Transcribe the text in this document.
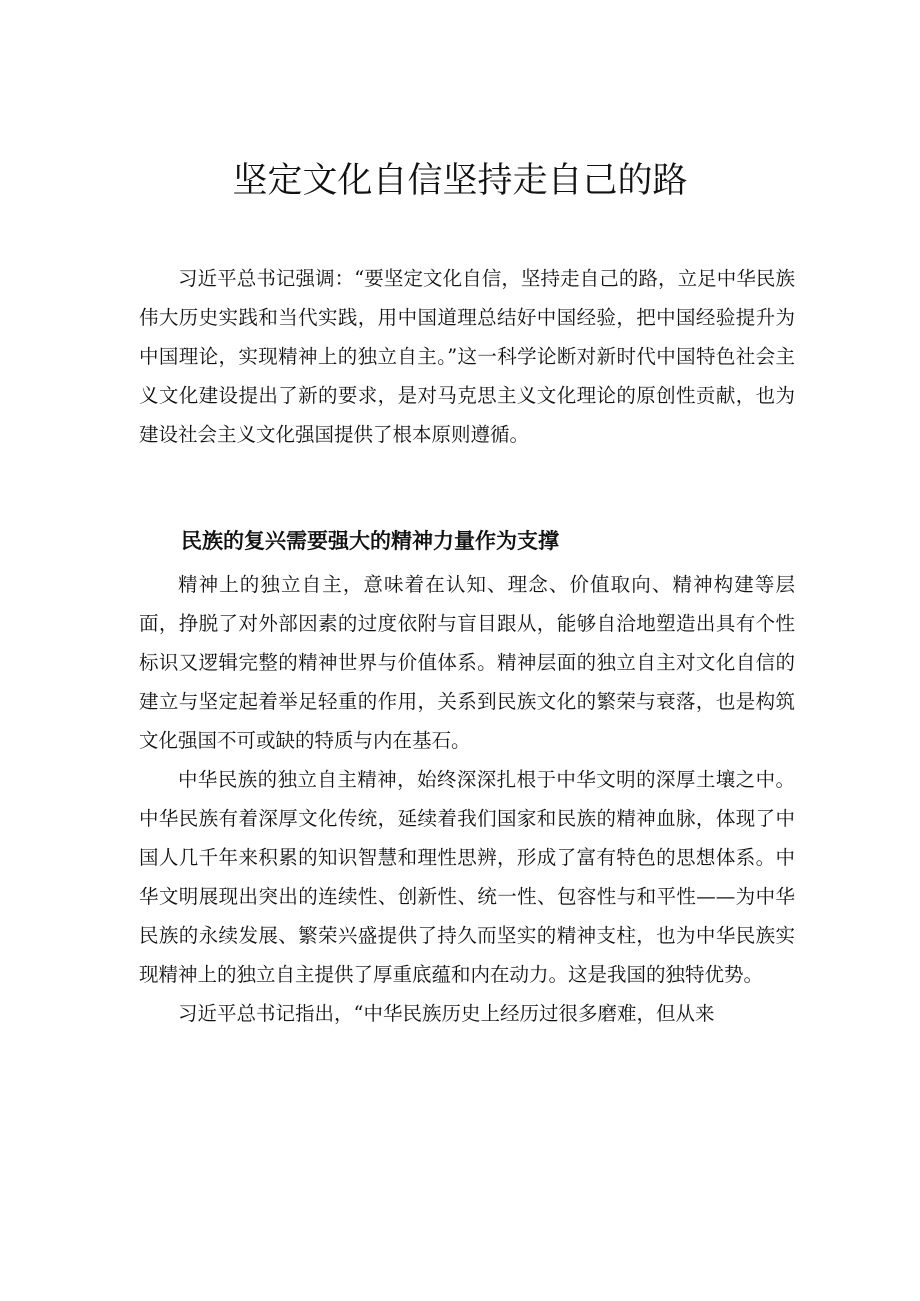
坚定文化自信坚持走自己的路

习近平总书记强调：“要坚定文化自信，坚持走自己的路，立足中华民族伟大历史实践和当代实践，用中国道理总结好中国经验，把中国经验提升为中国理论，实现精神上的独立自主。”这一科学论断对新时代中国特色社会主义文化建设提出了新的要求，是对马克思主义文化理论的原创性贡献，也为建设社会主义文化强国提供了根本原则遵循。

民族的复兴需要强大的精神力量作为支撑

精神上的独立自主，意味着在认知、理念、价值取向、精神构建等层面，挣脱了对外部因素的过度依附与盲目跟从，能够自洽地塑造出具有个性标识又逻辑完整的精神世界与价值体系。精神层面的独立自主对文化自信的建立与坚定起着举足轻重的作用，关系到民族文化的繁荣与衰落，也是构筑文化强国不可或缺的特质与内在基石。

中华民族的独立自主精神，始终深深扎根于中华文明的深厚土壤之中。中华民族有着深厚文化传统，延续着我们国家和民族的精神血脉，体现了中国人几千年来积累的知识智慧和理性思辨，形成了富有特色的思想体系。中华文明展现出突出的连续性、创新性、统一性、包容性与和平性——为中华民族的永续发展、繁荣兴盛提供了持久而坚实的精神支柱，也为中华民族实现精神上的独立自主提供了厚重底蕴和内在动力。这是我国的独特优势。

习近平总书记指出，“中华民族历史上经历过很多磨难，但从来
